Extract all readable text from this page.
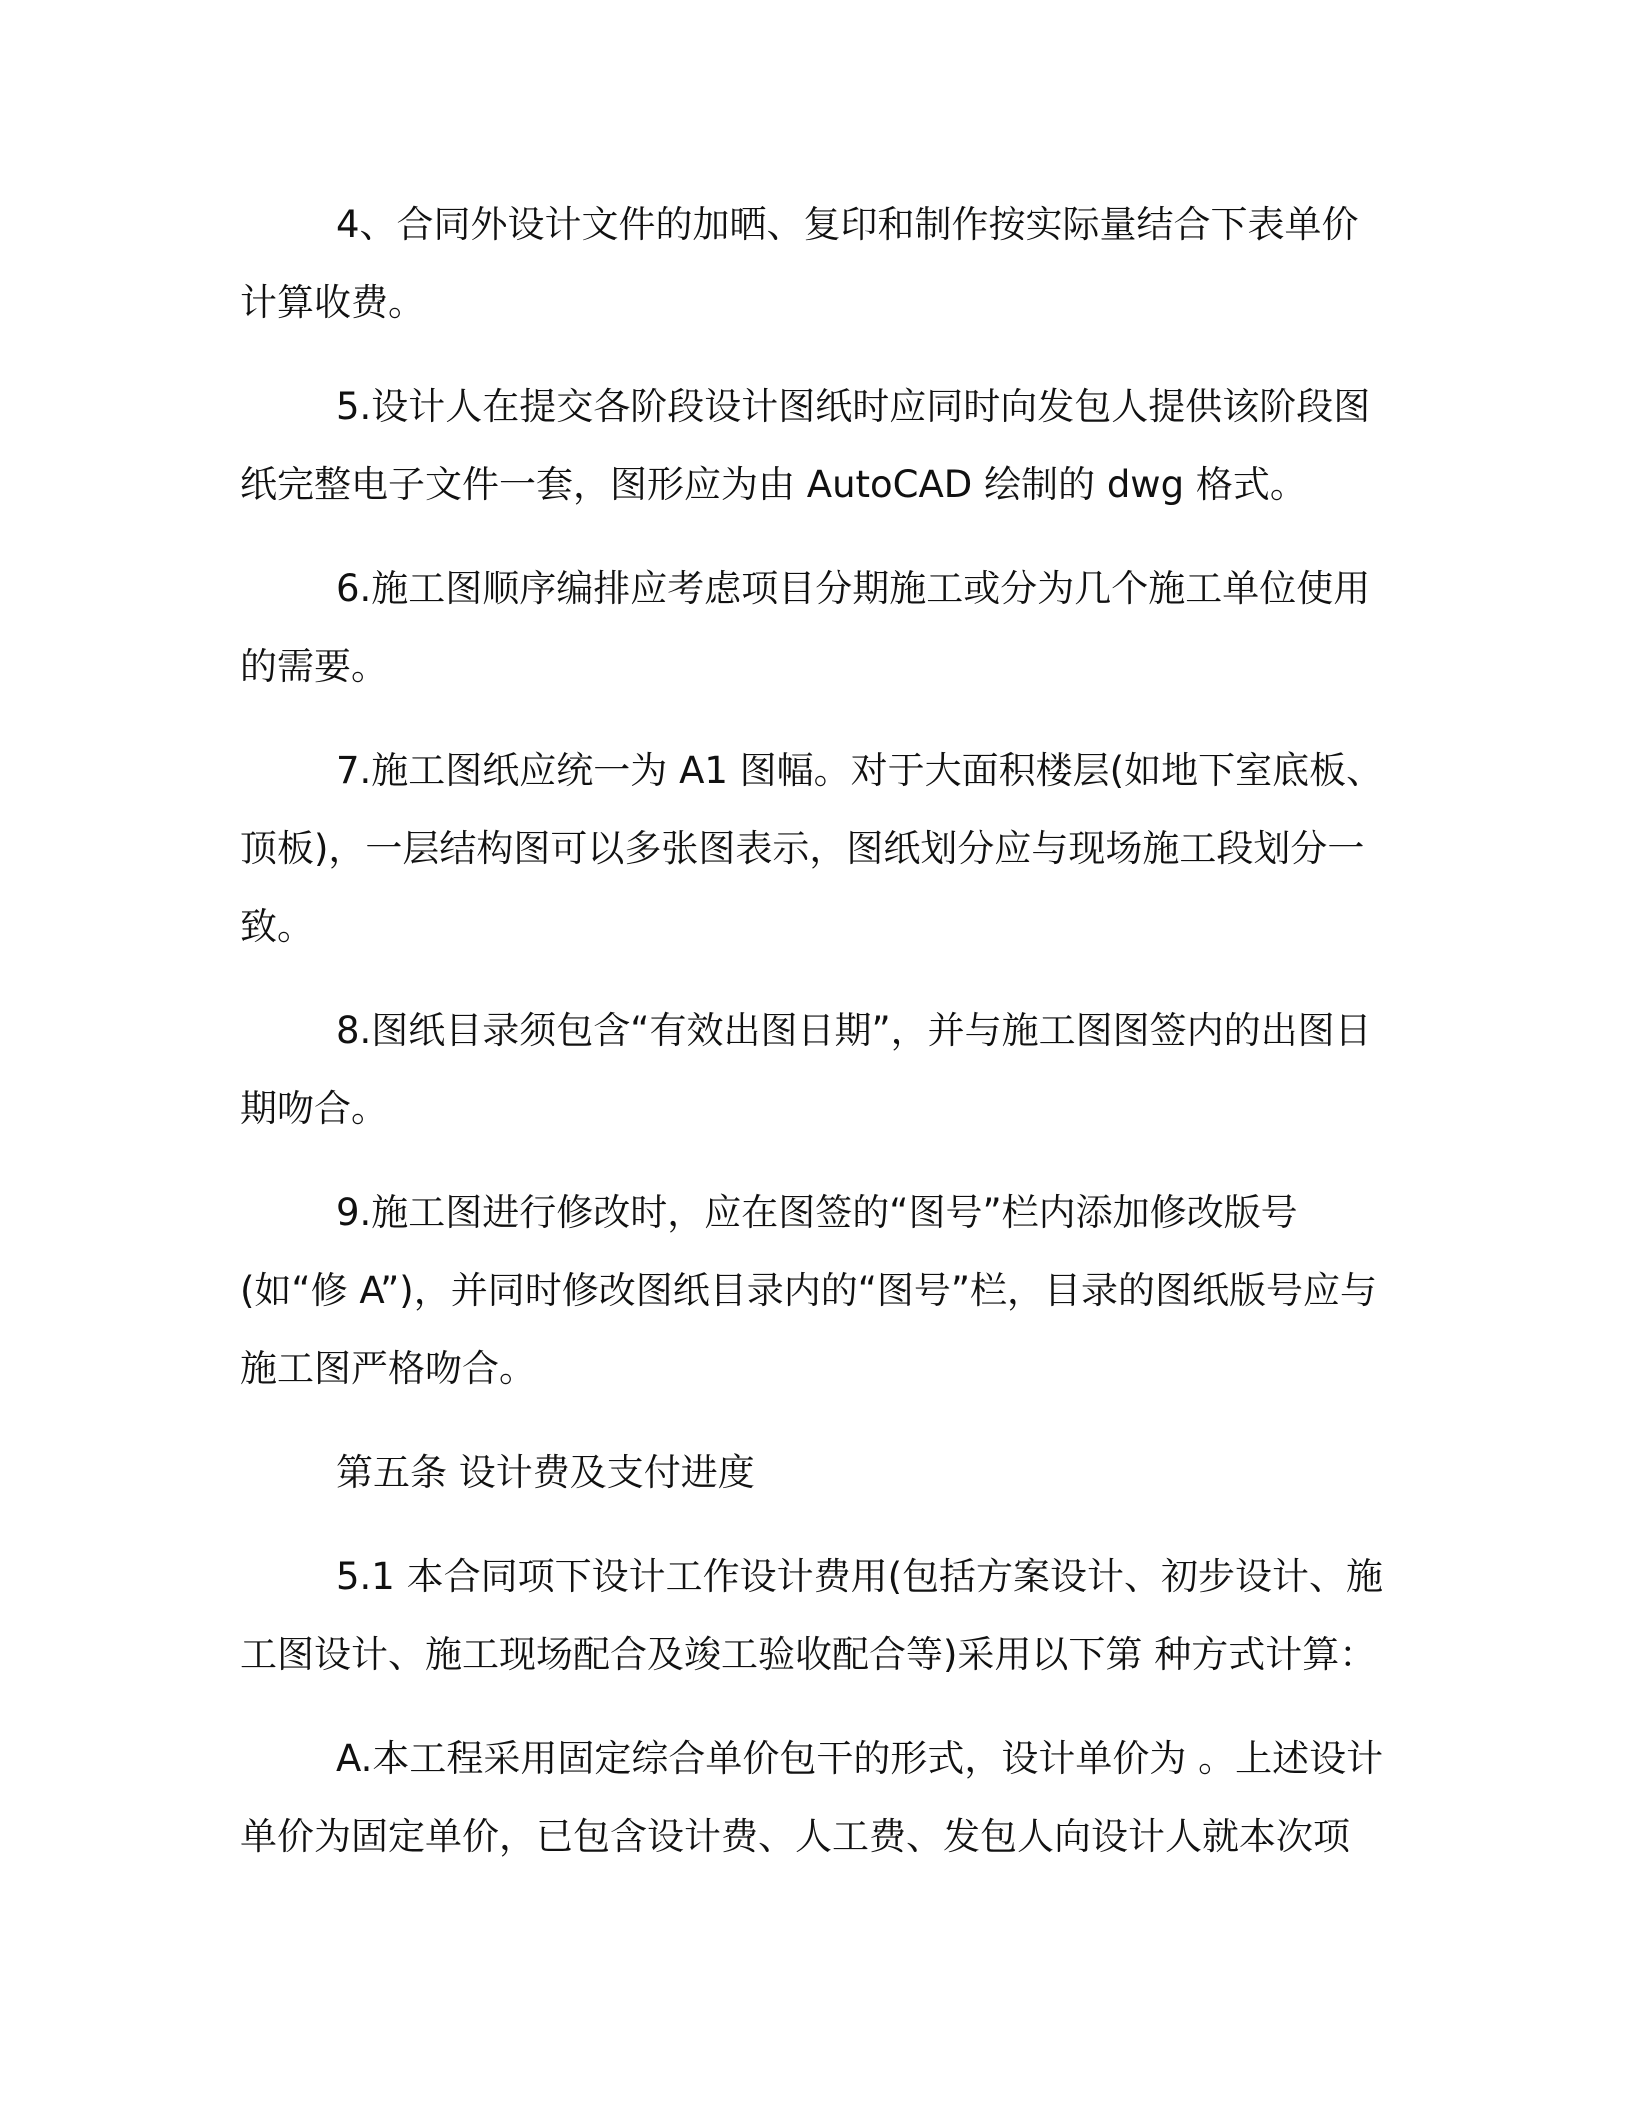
4、合同外设计文件的加晒、复印和制作按实际量结合下表单价计算收费。

5.设计人在提交各阶段设计图纸时应同时向发包人提供该阶段图纸完整电子文件一套，图形应为由 AutoCAD 绘制的 dwg 格式。

6.施工图顺序编排应考虑项目分期施工或分为几个施工单位使用的需要。

7.施工图纸应统一为 A1 图幅。对于大面积楼层(如地下室底板、顶板)，一层结构图可以多张图表示，图纸划分应与现场施工段划分一致。

8.图纸目录须包含“有效出图日期”，并与施工图图签内的出图日期吻合。

9.施工图进行修改时，应在图签的“图号”栏内添加修改版号(如“修 A”)，并同时修改图纸目录内的“图号”栏，目录的图纸版号应与施工图严格吻合。

第五条 设计费及支付进度

5.1 本合同项下设计工作设计费用(包括方案设计、初步设计、施工图设计、施工现场配合及竣工验收配合等)采用以下第 种方式计算：

A.本工程采用固定综合单价包干的形式，设计单价为 。上述设计单价为固定单价，已包含设计费、人工费、发包人向设计人就本次项
